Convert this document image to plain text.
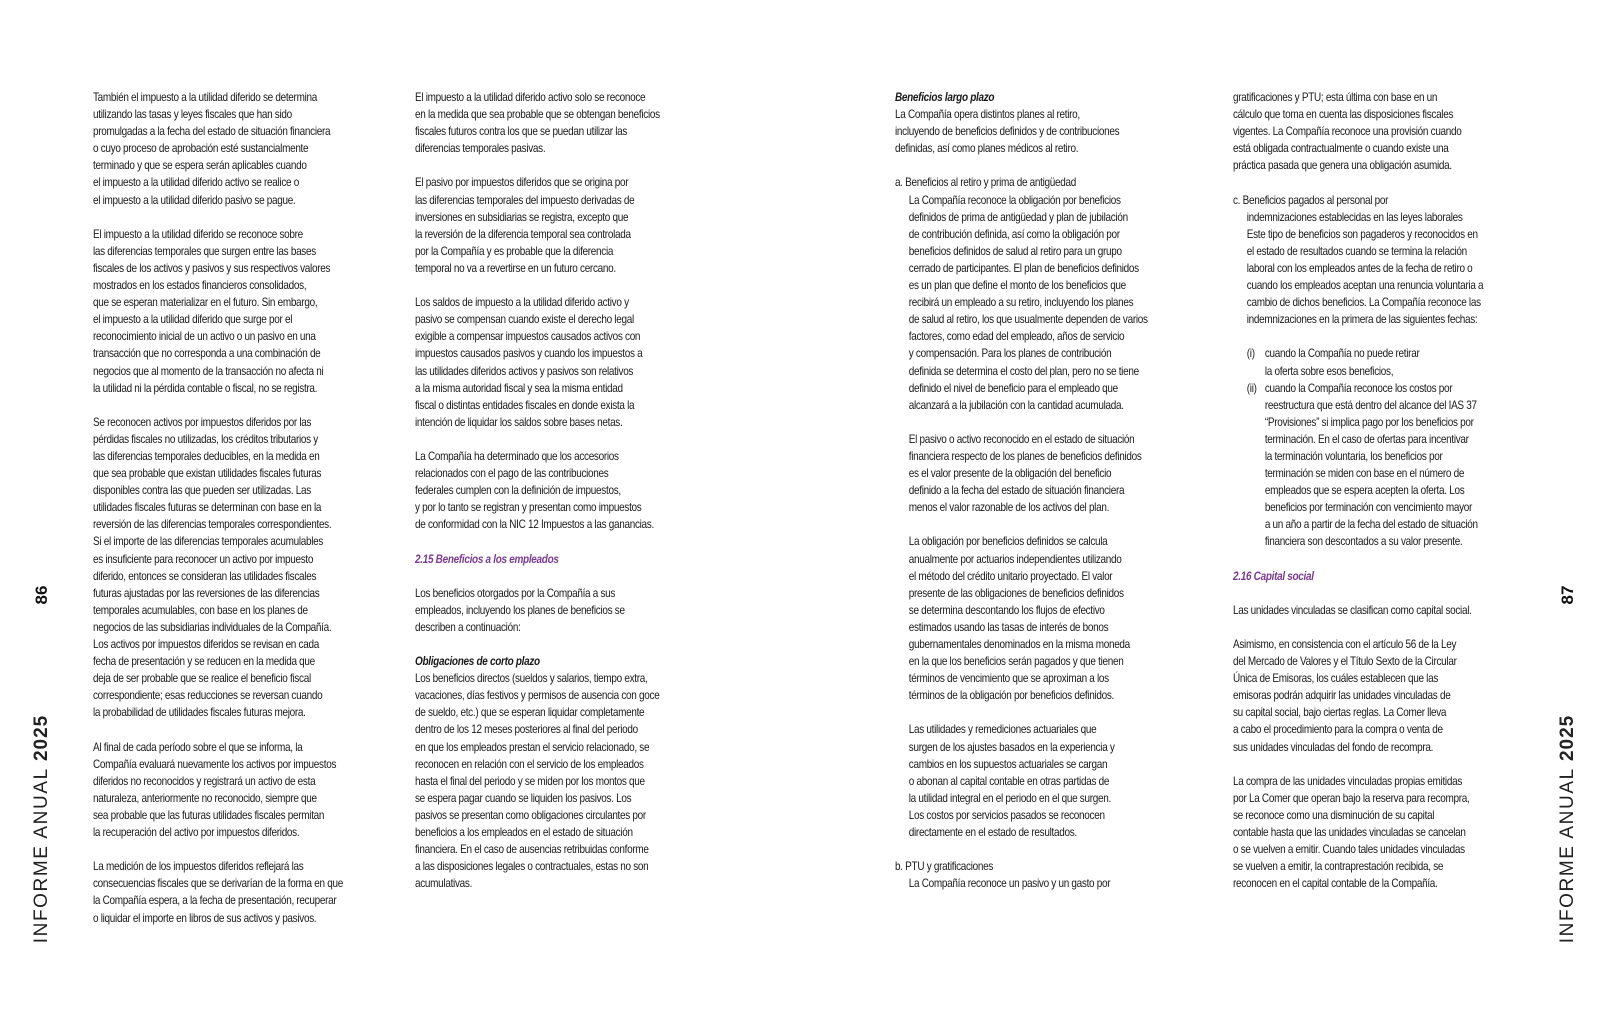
86
INFORME ANUAL 2025
También el impuesto a la utilidad diferido se determina
utilizando las tasas y leyes fiscales que han sido
promulgadas a la fecha del estado de situación financiera
o cuyo proceso de aprobación esté sustancialmente
terminado y que se espera serán aplicables cuando
el impuesto a la utilidad diferido activo se realice o
el impuesto a la utilidad diferido pasivo se pague.
El impuesto a la utilidad diferido se reconoce sobre
las diferencias temporales que surgen entre las bases
fiscales de los activos y pasivos y sus respectivos valores
mostrados en los estados financieros consolidados,
que se esperan materializar en el futuro. Sin embargo,
el impuesto a la utilidad diferido que surge por el
reconocimiento inicial de un activo o un pasivo en una
transacción que no corresponda a una combinación de
negocios que al momento de la transacción no afecta ni
la utilidad ni la pérdida contable o fiscal, no se registra.
Se reconocen activos por impuestos diferidos por las
pérdidas fiscales no utilizadas, los créditos tributarios y
las diferencias temporales deducibles, en la medida en
que sea probable que existan utilidades fiscales futuras
disponibles contra las que pueden ser utilizadas. Las
utilidades fiscales futuras se determinan con base en la
reversión de las diferencias temporales correspondientes.
Si el importe de las diferencias temporales acumulables
es insuficiente para reconocer un activo por impuesto
diferido, entonces se consideran las utilidades fiscales
futuras ajustadas por las reversiones de las diferencias
temporales acumulables, con base en los planes de
negocios de las subsidiarias individuales de la Compañía.
Los activos por impuestos diferidos se revisan en cada
fecha de presentación y se reducen en la medida que
deja de ser probable que se realice el beneficio fiscal
correspondiente; esas reducciones se reversan cuando
la probabilidad de utilidades fiscales futuras mejora.
Al final de cada período sobre el que se informa, la
Compañía evaluará nuevamente los activos por impuestos
diferidos no reconocidos y registrará un activo de esta
naturaleza, anteriormente no reconocido, siempre que
sea probable que las futuras utilidades fiscales permitan
la recuperación del activo por impuestos diferidos.
La medición de los impuestos diferidos reflejará las
consecuencias fiscales que se derivarían de la forma en que
la Compañía espera, a la fecha de presentación, recuperar
o liquidar el importe en libros de sus activos y pasivos.
El impuesto a la utilidad diferido activo solo se reconoce
en la medida que sea probable que se obtengan beneficios
fiscales futuros contra los que se puedan utilizar las
diferencias temporales pasivas.
El pasivo por impuestos diferidos que se origina por
las diferencias temporales del impuesto derivadas de
inversiones en subsidiarias se registra, excepto que
la reversión de la diferencia temporal sea controlada
por la Compañía y es probable que la diferencia
temporal no va a revertirse en un futuro cercano.
Los saldos de impuesto a la utilidad diferido activo y
pasivo se compensan cuando existe el derecho legal
exigible a compensar impuestos causados activos con
impuestos causados pasivos y cuando los impuestos a
las utilidades diferidos activos y pasivos son relativos
a la misma autoridad fiscal y sea la misma entidad
fiscal o distintas entidades fiscales en donde exista la
intención de liquidar los saldos sobre bases netas.
La Compañía ha determinado que los accesorios
relacionados con el pago de las contribuciones
federales cumplen con la definición de impuestos,
y por lo tanto se registran y presentan como impuestos
de conformidad con la NIC 12 Impuestos a las ganancias.
2.15 Beneficios a los empleados
Los beneficios otorgados por la Compañía a sus
empleados, incluyendo los planes de beneficios se
describen a continuación:
Obligaciones de corto plazo
Los beneficios directos (sueldos y salarios, tiempo extra,
vacaciones, días festivos y permisos de ausencia con goce
de sueldo, etc.) que se esperan liquidar completamente
dentro de los 12 meses posteriores al final del periodo
en que los empleados prestan el servicio relacionado, se
reconocen en relación con el servicio de los empleados
hasta el final del periodo y se miden por los montos que
se espera pagar cuando se liquiden los pasivos. Los
pasivos se presentan como obligaciones circulantes por
beneficios a los empleados en el estado de situación
financiera. En el caso de ausencias retribuidas conforme
a las disposiciones legales o contractuales, estas no son
acumulativas.
Beneficios largo plazo
La Compañía opera distintos planes al retiro,
incluyendo de beneficios definidos y de contribuciones
definidas, así como planes médicos al retiro.
a. Beneficios al retiro y prima de antigüedad
La Compañía reconoce la obligación por beneficios
definidos de prima de antigüedad y plan de jubilación
de contribución definida, así como la obligación por
beneficios definidos de salud al retiro para un grupo
cerrado de participantes. El plan de beneficios definidos
es un plan que define el monto de los beneficios que
recibirá un empleado a su retiro, incluyendo los planes
de salud al retiro, los que usualmente dependen de varios
factores, como edad del empleado, años de servicio
y compensación. Para los planes de contribución
definida se determina el costo del plan, pero no se tiene
definido el nivel de beneficio para el empleado que
alcanzará a la jubilación con la cantidad acumulada.
El pasivo o activo reconocido en el estado de situación
financiera respecto de los planes de beneficios definidos
es el valor presente de la obligación del beneficio
definido a la fecha del estado de situación financiera
menos el valor razonable de los activos del plan.
La obligación por beneficios definidos se calcula
anualmente por actuarios independientes utilizando
el método del crédito unitario proyectado. El valor
presente de las obligaciones de beneficios definidos
se determina descontando los flujos de efectivo
estimados usando las tasas de interés de bonos
gubernamentales denominados en la misma moneda
en la que los beneficios serán pagados y que tienen
términos de vencimiento que se aproximan a los
términos de la obligación por beneficios definidos.
Las utilidades y remediciones actuariales que
surgen de los ajustes basados en la experiencia y
cambios en los supuestos actuariales se cargan
o abonan al capital contable en otras partidas de
la utilidad integral en el periodo en el que surgen.
Los costos por servicios pasados se reconocen
directamente en el estado de resultados.
b. PTU y gratificaciones
La Compañía reconoce un pasivo y un gasto por
gratificaciones y PTU; esta última con base en un
cálculo que toma en cuenta las disposiciones fiscales
vigentes. La Compañía reconoce una provisión cuando
está obligada contractualmente o cuando existe una
práctica pasada que genera una obligación asumida.
c. Beneficios pagados al personal por
indemnizaciones establecidas en las leyes laborales
Este tipo de beneficios son pagaderos y reconocidos en
el estado de resultados cuando se termina la relación
laboral con los empleados antes de la fecha de retiro o
cuando los empleados aceptan una renuncia voluntaria a
cambio de dichos beneficios. La Compañía reconoce las
indemnizaciones en la primera de las siguientes fechas:
(i) cuando la Compañía no puede retirar
la oferta sobre esos beneficios,
(ii) cuando la Compañía reconoce los costos por
reestructura que está dentro del alcance del IAS 37
“Provisiones” si implica pago por los beneficios por
terminación. En el caso de ofertas para incentivar
la terminación voluntaria, los beneficios por
terminación se miden con base en el número de
empleados que se espera acepten la oferta. Los
beneficios por terminación con vencimiento mayor
a un año a partir de la fecha del estado de situación
financiera son descontados a su valor presente.
2.16 Capital social
Las unidades vinculadas se clasifican como capital social.
Asimismo, en consistencia con el artículo 56 de la Ley
del Mercado de Valores y el Título Sexto de la Circular
Única de Emisoras, los cuáles establecen que las
emisoras podrán adquirir las unidades vinculadas de
su capital social, bajo ciertas reglas. La Comer lleva
a cabo el procedimiento para la compra o venta de
sus unidades vinculadas del fondo de recompra.
La compra de las unidades vinculadas propias emitidas
por La Comer que operan bajo la reserva para recompra,
se reconoce como una disminución de su capital
contable hasta que las unidades vinculadas se cancelan
o se vuelven a emitir. Cuando tales unidades vinculadas
se vuelven a emitir, la contraprestación recibida, se
reconocen en el capital contable de la Compañía.
87
INFORME ANUAL 2025
